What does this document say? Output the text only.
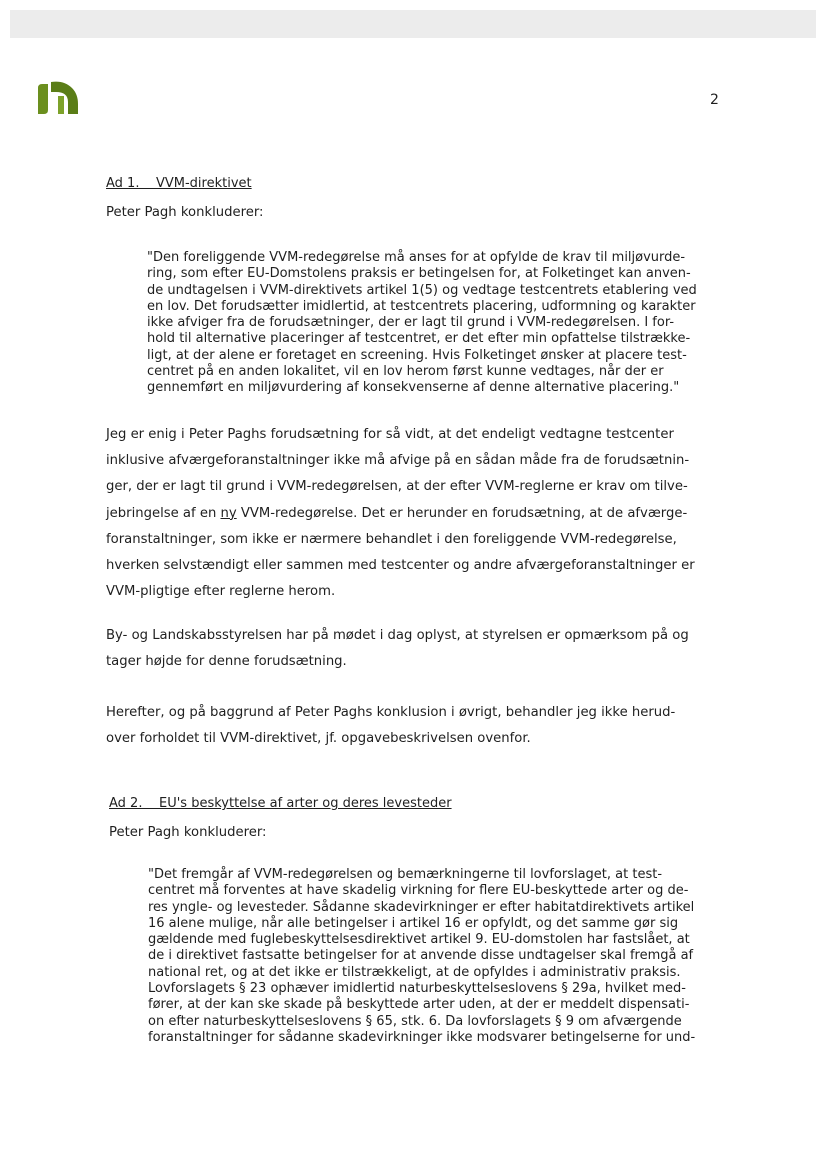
2
Ad 1.    VVM-direktivet
Peter Pagh konkluderer:
"Den foreliggende VVM-redegørelse må anses for at opfylde de krav til miljøvurde-
ring, som efter EU-Domstolens praksis er betingelsen for, at Folketinget kan anven-
de undtagelsen i VVM-direktivets artikel 1(5) og vedtage testcentrets etablering ved
en lov. Det forudsætter imidlertid, at testcentrets placering, udformning og karakter
ikke afviger fra de forudsætninger, der er lagt til grund i VVM-redegørelsen. I for-
hold til alternative placeringer af testcentret, er det efter min opfattelse tilstrække-
ligt, at der alene er foretaget en screening. Hvis Folketinget ønsker at placere test-
centret på en anden lokalitet, vil en lov herom først kunne vedtages, når der er
gennemført en miljøvurdering af konsekvenserne af denne alternative placering."
Jeg er enig i Peter Paghs forudsætning for så vidt, at det endeligt vedtagne testcenter
inklusive afværgeforanstaltninger ikke må afvige på en sådan måde fra de forudsætnin-
ger, der er lagt til grund i VVM-redegørelsen, at der efter VVM-reglerne er krav om tilve-
jebringelse af en ny VVM-redegørelse. Det er herunder en forudsætning, at de afværge-
foranstaltninger, som ikke er nærmere behandlet i den foreliggende VVM-redegørelse,
hverken selvstændigt eller sammen med testcenter og andre afværgeforanstaltninger er
VVM-pligtige efter reglerne herom.
By- og Landskabsstyrelsen har på mødet i dag oplyst, at styrelsen er opmærksom på og
tager højde for denne forudsætning.
Herefter, og på baggrund af Peter Paghs konklusion i øvrigt, behandler jeg ikke herud-
over forholdet til VVM-direktivet, jf. opgavebeskrivelsen ovenfor.
Ad 2.    EU's beskyttelse af arter og deres levesteder
Peter Pagh konkluderer:
"Det fremgår af VVM-redegørelsen og bemærkningerne til lovforslaget, at test-
centret må forventes at have skadelig virkning for flere EU-beskyttede arter og de-
res yngle- og levesteder. Sådanne skadevirkninger er efter habitatdirektivets artikel
16 alene mulige, når alle betingelser i artikel 16 er opfyldt, og det samme gør sig
gældende med fuglebeskyttelsesdirektivet artikel 9. EU-domstolen har fastslået, at
de i direktivet fastsatte betingelser for at anvende disse undtagelser skal fremgå af
national ret, og at det ikke er tilstrækkeligt, at de opfyldes i administrativ praksis.
Lovforslagets § 23 ophæver imidlertid naturbeskyttelseslovens § 29a, hvilket med-
fører, at der kan ske skade på beskyttede arter uden, at der er meddelt dispensati-
on efter naturbeskyttelseslovens § 65, stk. 6. Da lovforslagets § 9 om afværgende
foranstaltninger for sådanne skadevirkninger ikke modsvarer betingelserne for und-
